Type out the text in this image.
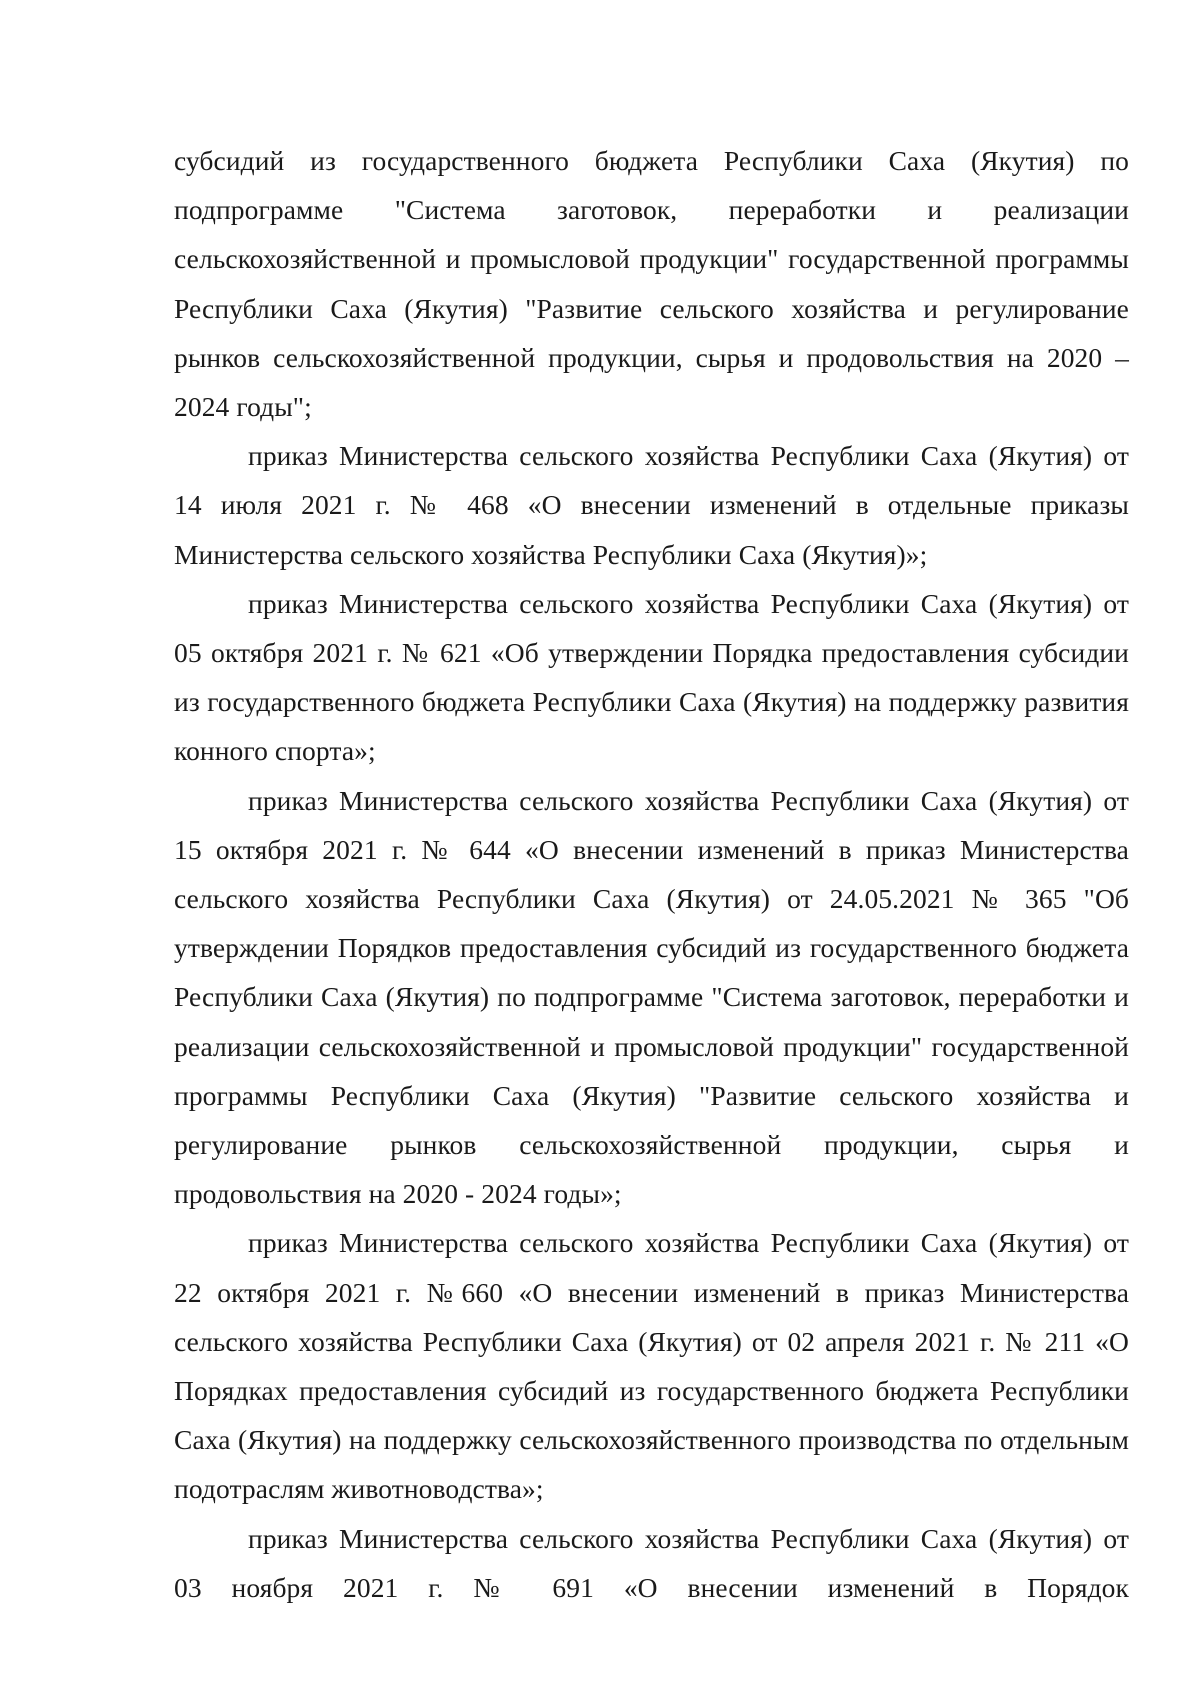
субсидий из государственного бюджета Республики Саха (Якутия) по подпрограмме "Система заготовок, переработки и реализации сельскохозяйственной и промысловой продукции" государственной программы Республики Саха (Якутия) "Развитие сельского хозяйства и регулирование рынков сельскохозяйственной продукции, сырья и продовольствия на 2020 – 2024 годы";

приказ Министерства сельского хозяйства Республики Саха (Якутия) от 14 июля 2021 г. № 468 «О внесении изменений в отдельные приказы Министерства сельского хозяйства Республики Саха (Якутия)»;

приказ Министерства сельского хозяйства Республики Саха (Якутия) от 05 октября 2021 г. № 621 «Об утверждении Порядка предоставления субсидии из государственного бюджета Республики Саха (Якутия) на поддержку развития конного спорта»;

приказ Министерства сельского хозяйства Республики Саха (Якутия) от 15 октября 2021 г. № 644 «О внесении изменений в приказ Министерства сельского хозяйства Республики Саха (Якутия) от 24.05.2021 № 365 "Об утверждении Порядков предоставления субсидий из государственного бюджета Республики Саха (Якутия) по подпрограмме "Система заготовок, переработки и реализации сельскохозяйственной и промысловой продукции" государственной программы Республики Саха (Якутия) "Развитие сельского хозяйства и регулирование рынков сельскохозяйственной продукции, сырья и продовольствия на 2020 - 2024 годы»;

приказ Министерства сельского хозяйства Республики Саха (Якутия) от 22 октября 2021 г. №660 «О внесении изменений в приказ Министерства сельского хозяйства Республики Саха (Якутия) от 02 апреля 2021 г. № 211 «О Порядках предоставления субсидий из государственного бюджета Республики Саха (Якутия) на поддержку сельскохозяйственного производства по отдельным подотраслям животноводства»;

приказ Министерства сельского хозяйства Республики Саха (Якутия) от 03 ноября 2021 г. № 691 «О внесении изменений в Порядок
